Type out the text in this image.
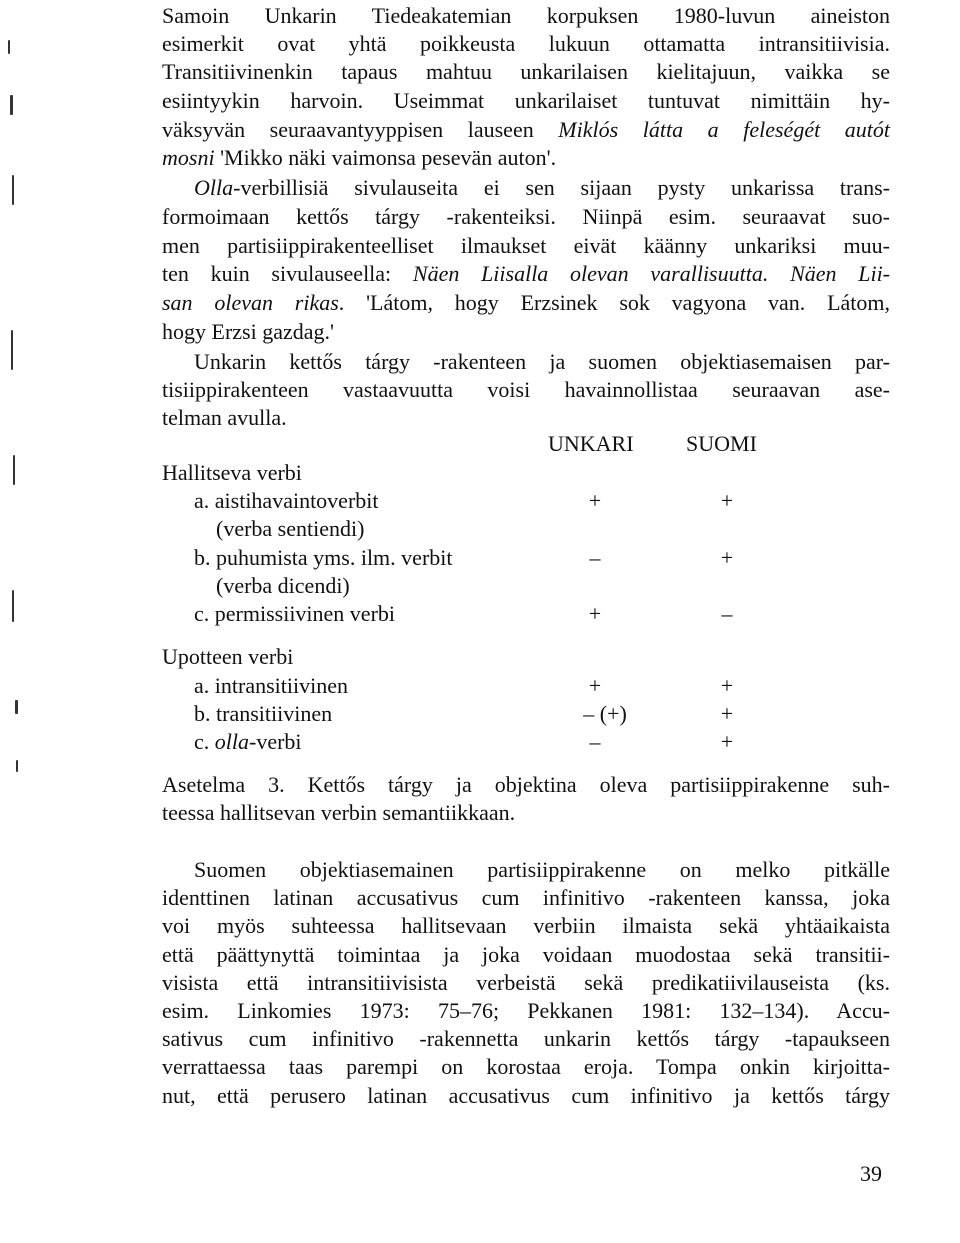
Samoin Unkarin Tiedeakatemian korpuksen 1980-luvun aineiston
esimerkit ovat yhtä poikkeusta lukuun ottamatta intransitiivisia.
Transitiivinenkin tapaus mahtuu unkarilaisen kielitajuun, vaikka se
esiintyykin harvoin. Useimmat unkarilaiset tuntuvat nimittäin hy-
väksyvän seuraavantyyppisen lauseen Miklós látta a feleségét autót
mosni 'Mikko näki vaimonsa pesevän auton'.
Olla-verbillisiä sivulauseita ei sen sijaan pysty unkarissa trans-
formoimaan kettős tárgy -rakenteiksi. Niinpä esim. seuraavat suo-
men partisiippirakenteelliset ilmaukset eivät käänny unkariksi muu-
ten kuin sivulauseella: Näen Liisalla olevan varallisuutta. Näen Lii-
san olevan rikas. 'Látom, hogy Erzsinek sok vagyona van. Látom,
hogy Erzsi gazdag.'
Unkarin kettős tárgy -rakenteen ja suomen objektiasemaisen par-
tisiippirakenteen vastaavuutta voisi havainnollistaa seuraavan ase-
telman avulla.
UNKARI SUOMI
Hallitseva verbi
a. aistihavaintoverbit	+	+
(verba sentiendi)
b. puhumista yms. ilm. verbit	–	+
(verba dicendi)
c. permissiivinen verbi	+	–
Upotteen verbi
a. intransitiivinen	+	+
b. transitiivinen	– (+)	+
c. olla-verbi	–	+
Asetelma 3. Kettős tárgy ja objektina oleva partisiippirakenne suh-
teessa hallitsevan verbin semantiikkaan.
Suomen objektiasemainen partisiippirakenne on melko pitkälle
identtinen latinan accusativus cum infinitivo -rakenteen kanssa, joka
voi myös suhteessa hallitsevaan verbiin ilmaista sekä yhtäaikaista
että päättynyttä toimintaa ja joka voidaan muodostaa sekä transitii-
visista että intransitiivisista verbeistä sekä predikatiivilauseista (ks.
esim. Linkomies 1973: 75–76; Pekkanen 1981: 132–134). Accu-
sativus cum infinitivo -rakennetta unkarin kettős tárgy -tapaukseen
verrattaessa taas parempi on korostaa eroja. Tompa onkin kirjoitta-
nut, että perusero latinan accusativus cum infinitivo ja kettős tárgy
39
